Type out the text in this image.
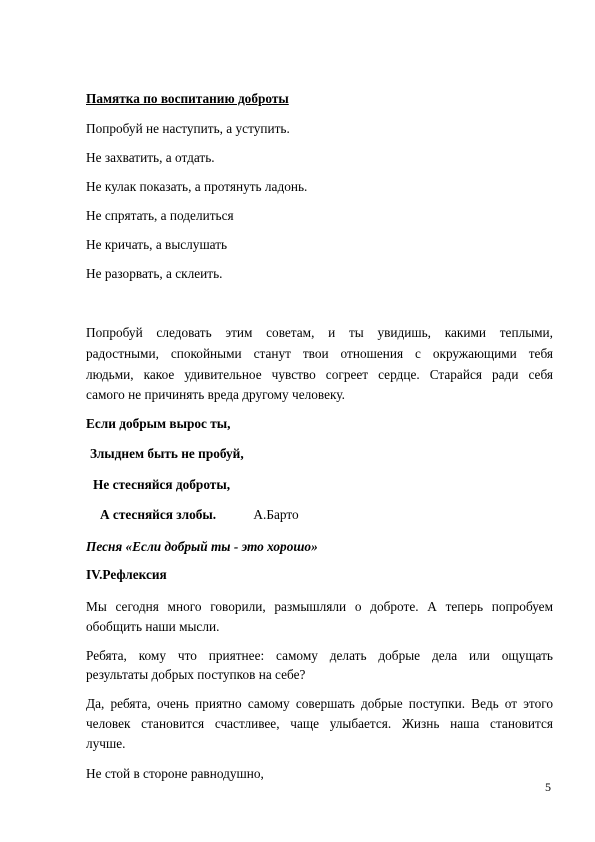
Памятка по воспитанию доброты
Попробуй не наступить, а уступить.
Не захватить, а отдать.
Не кулак показать, а протянуть ладонь.
Не спрятать, а поделиться
Не кричать, а выслушать
Не разорвать, а склеить.
Попробуй следовать этим советам, и ты увидишь, какими теплыми,
радостными, спокойными станут твои отношения с окружающими тебя
людьми, какое удивительное чувство согреет сердце. Старайся ради себя
самого не причинять вреда другому человеку.
Если добрым вырос ты,
Злыднем быть не пробуй,
Не стесняйся доброты,
А стесняйся злобы.	А.Барто
Песня «Если добрый ты - это хорошо»
IV.Рефлексия
Мы сегодня много говорили, размышляли о доброте. А теперь попробуем
обобщить наши мысли.
Ребята, кому что приятнее: самому делать добрые дела или ощущать
результаты добрых поступков на себе?
Да, ребята, очень приятно самому совершать добрые поступки. Ведь от этого
человек становится счастливее, чаще улыбается. Жизнь наша становится
лучше.
Не стой в стороне равнодушно,
5
